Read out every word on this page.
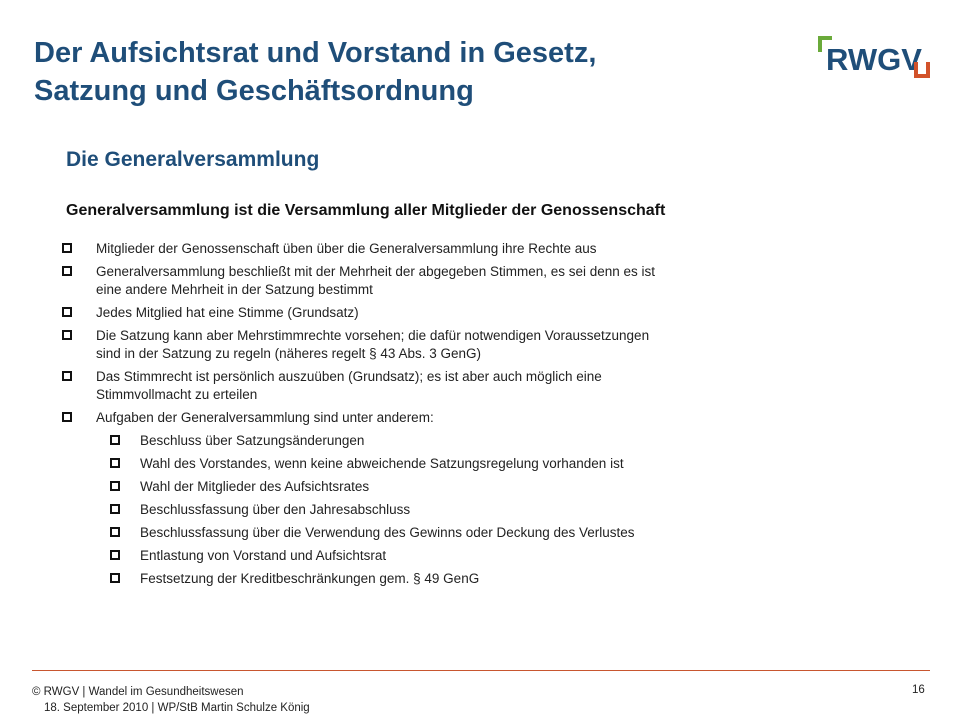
Der Aufsichtsrat und Vorstand in Gesetz,
Satzung und Geschäftsordnung
RWGV
Die Generalversammlung
Generalversammlung ist die Versammlung aller Mitglieder der Genossenschaft
Mitglieder der Genossenschaft üben über die Generalversammlung ihre Rechte aus
Generalversammlung beschließt mit der Mehrheit der abgegeben Stimmen, es sei denn es ist
eine andere Mehrheit in der Satzung bestimmt
Jedes Mitglied hat eine Stimme (Grundsatz)
Die Satzung kann aber Mehrstimmrechte vorsehen; die dafür notwendigen Voraussetzungen
sind in der Satzung zu regeln (näheres regelt § 43 Abs. 3 GenG)
Das Stimmrecht ist persönlich auszuüben (Grundsatz); es ist aber auch möglich eine
Stimmvollmacht zu erteilen
Aufgaben der Generalversammlung sind unter anderem:
Beschluss über Satzungsänderungen
Wahl des Vorstandes, wenn keine abweichende Satzungsregelung vorhanden ist
Wahl der Mitglieder des Aufsichtsrates
Beschlussfassung über den Jahresabschluss
Beschlussfassung über die Verwendung des Gewinns oder Deckung des Verlustes
Entlastung von Vorstand und Aufsichtsrat
Festsetzung der Kreditbeschränkungen gem. § 49 GenG
© RWGV | Wandel im Gesundheitswesen
18. September 2010 | WP/StB Martin Schulze König
16
